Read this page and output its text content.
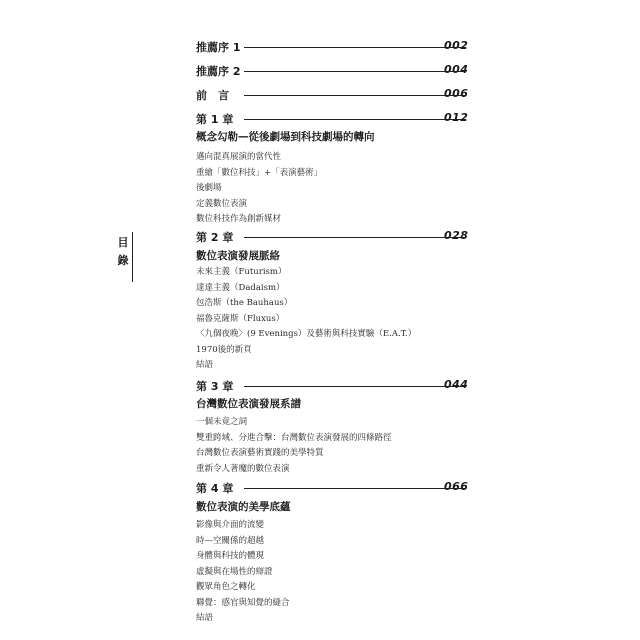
目
錄
推薦序 1	002
推薦序 2	004
前　言	006
第 1 章	012
概念勾勒—從後劇場到科技劇場的轉向
邁向混真展演的當代性
重繪「數位科技」+「表演藝術」
後劇場
定義數位表演
數位科技作為創新媒材
第 2 章	028
數位表演發展脈絡
未來主義（Futurism）
達達主義（Dadaism）
包浩斯（the Bauhaus）
福魯克薩斯（Fluxus）
〈九個夜晚〉(9 Evenings）及藝術與科技實驗（E.A.T.）
1970後的新頁
結語
第 3 章	044
台灣數位表演發展系譜
一個未竟之詞
雙重跨域、分進合擊：台灣數位表演發展的四條路徑
台灣數位表演藝術實踐的美學特質
重新令人著魔的數位表演
第 4 章	066
數位表演的美學底蘊
影像與介面的流變
時—空關係的超越
身體與科技的體現
虛擬與在場性的辯證
觀眾角色之轉化
聯覺：感官與知覺的縫合
結語
